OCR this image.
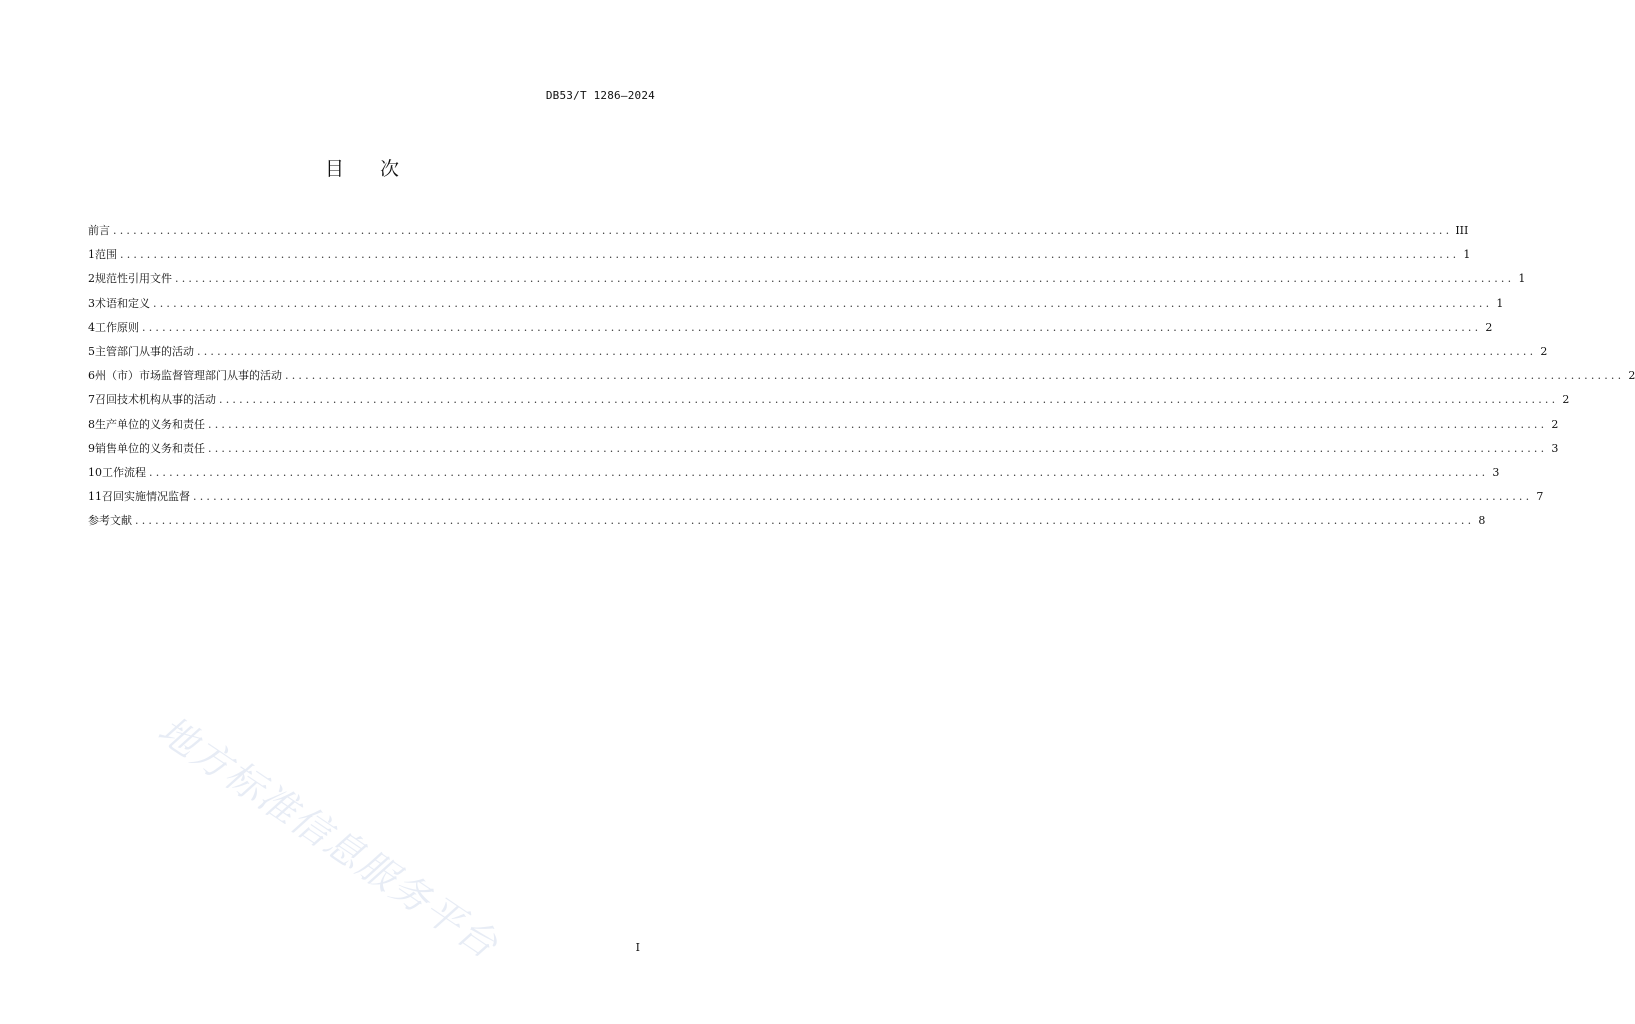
DB53/T 1286—2024
目次
前言 ........................................................................................................................................................................................................ III
1 范围 ........................................................................................................................................................................................................ 1
2 规范性引用文件 ........................................................................................................................................................................................................ 1
3 术语和定义 ........................................................................................................................................................................................................ 1
4 工作原则 ........................................................................................................................................................................................................ 2
5 主管部门从事的活动 ........................................................................................................................................................................................................ 2
6 州（市）市场监督管理部门从事的活动 ........................................................................................................................................................................................................ 2
7 召回技术机构从事的活动 ........................................................................................................................................................................................................ 2
8 生产单位的义务和责任 ........................................................................................................................................................................................................ 2
9 销售单位的义务和责任 ........................................................................................................................................................................................................ 3
10 工作流程 ........................................................................................................................................................................................................ 3
11 召回实施情况监督 ........................................................................................................................................................................................................ 7
参考文献 ........................................................................................................................................................................................................ 8
地方标准信息服务平台	I
